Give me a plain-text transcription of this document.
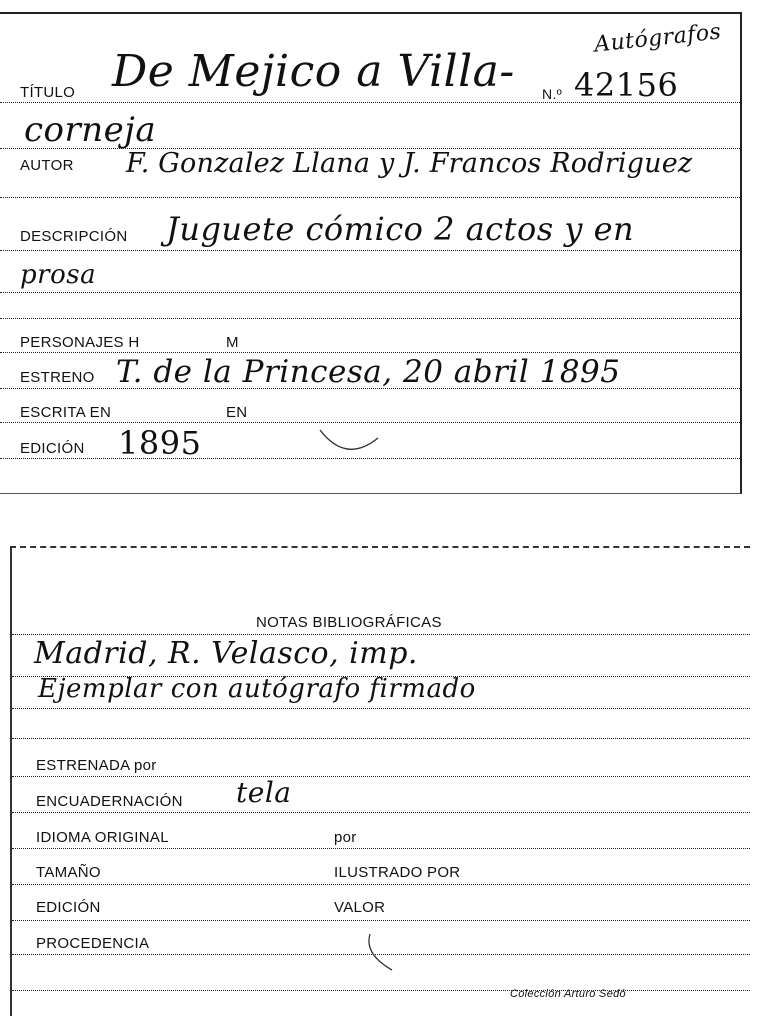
Autógrafos
TÍTULO De Mejico a Villa- N.º 42156
corneja
AUTOR F. Gonzalez Llana y J. Francos Rodriguez
DESCRIPCIÓN Juguete cómico 2 actos y en
prosa
PERSONAJES H	M
ESTRENO T. de la Princesa, 20 abril 1895
ESCRITA EN	EN
EDICIÓN 1895
NOTAS BIBLIOGRÁFICAS
Madrid, R. Velasco, imp.
Ejemplar con autógrafo firmado
ESTRENADA por
ENCUADERNACIÓN tela
IDIOMA ORIGINAL	por
TAMAÑO	ILUSTRADO POR
EDICIÓN	VALOR
PROCEDENCIA
Colección Arturo Sedó
